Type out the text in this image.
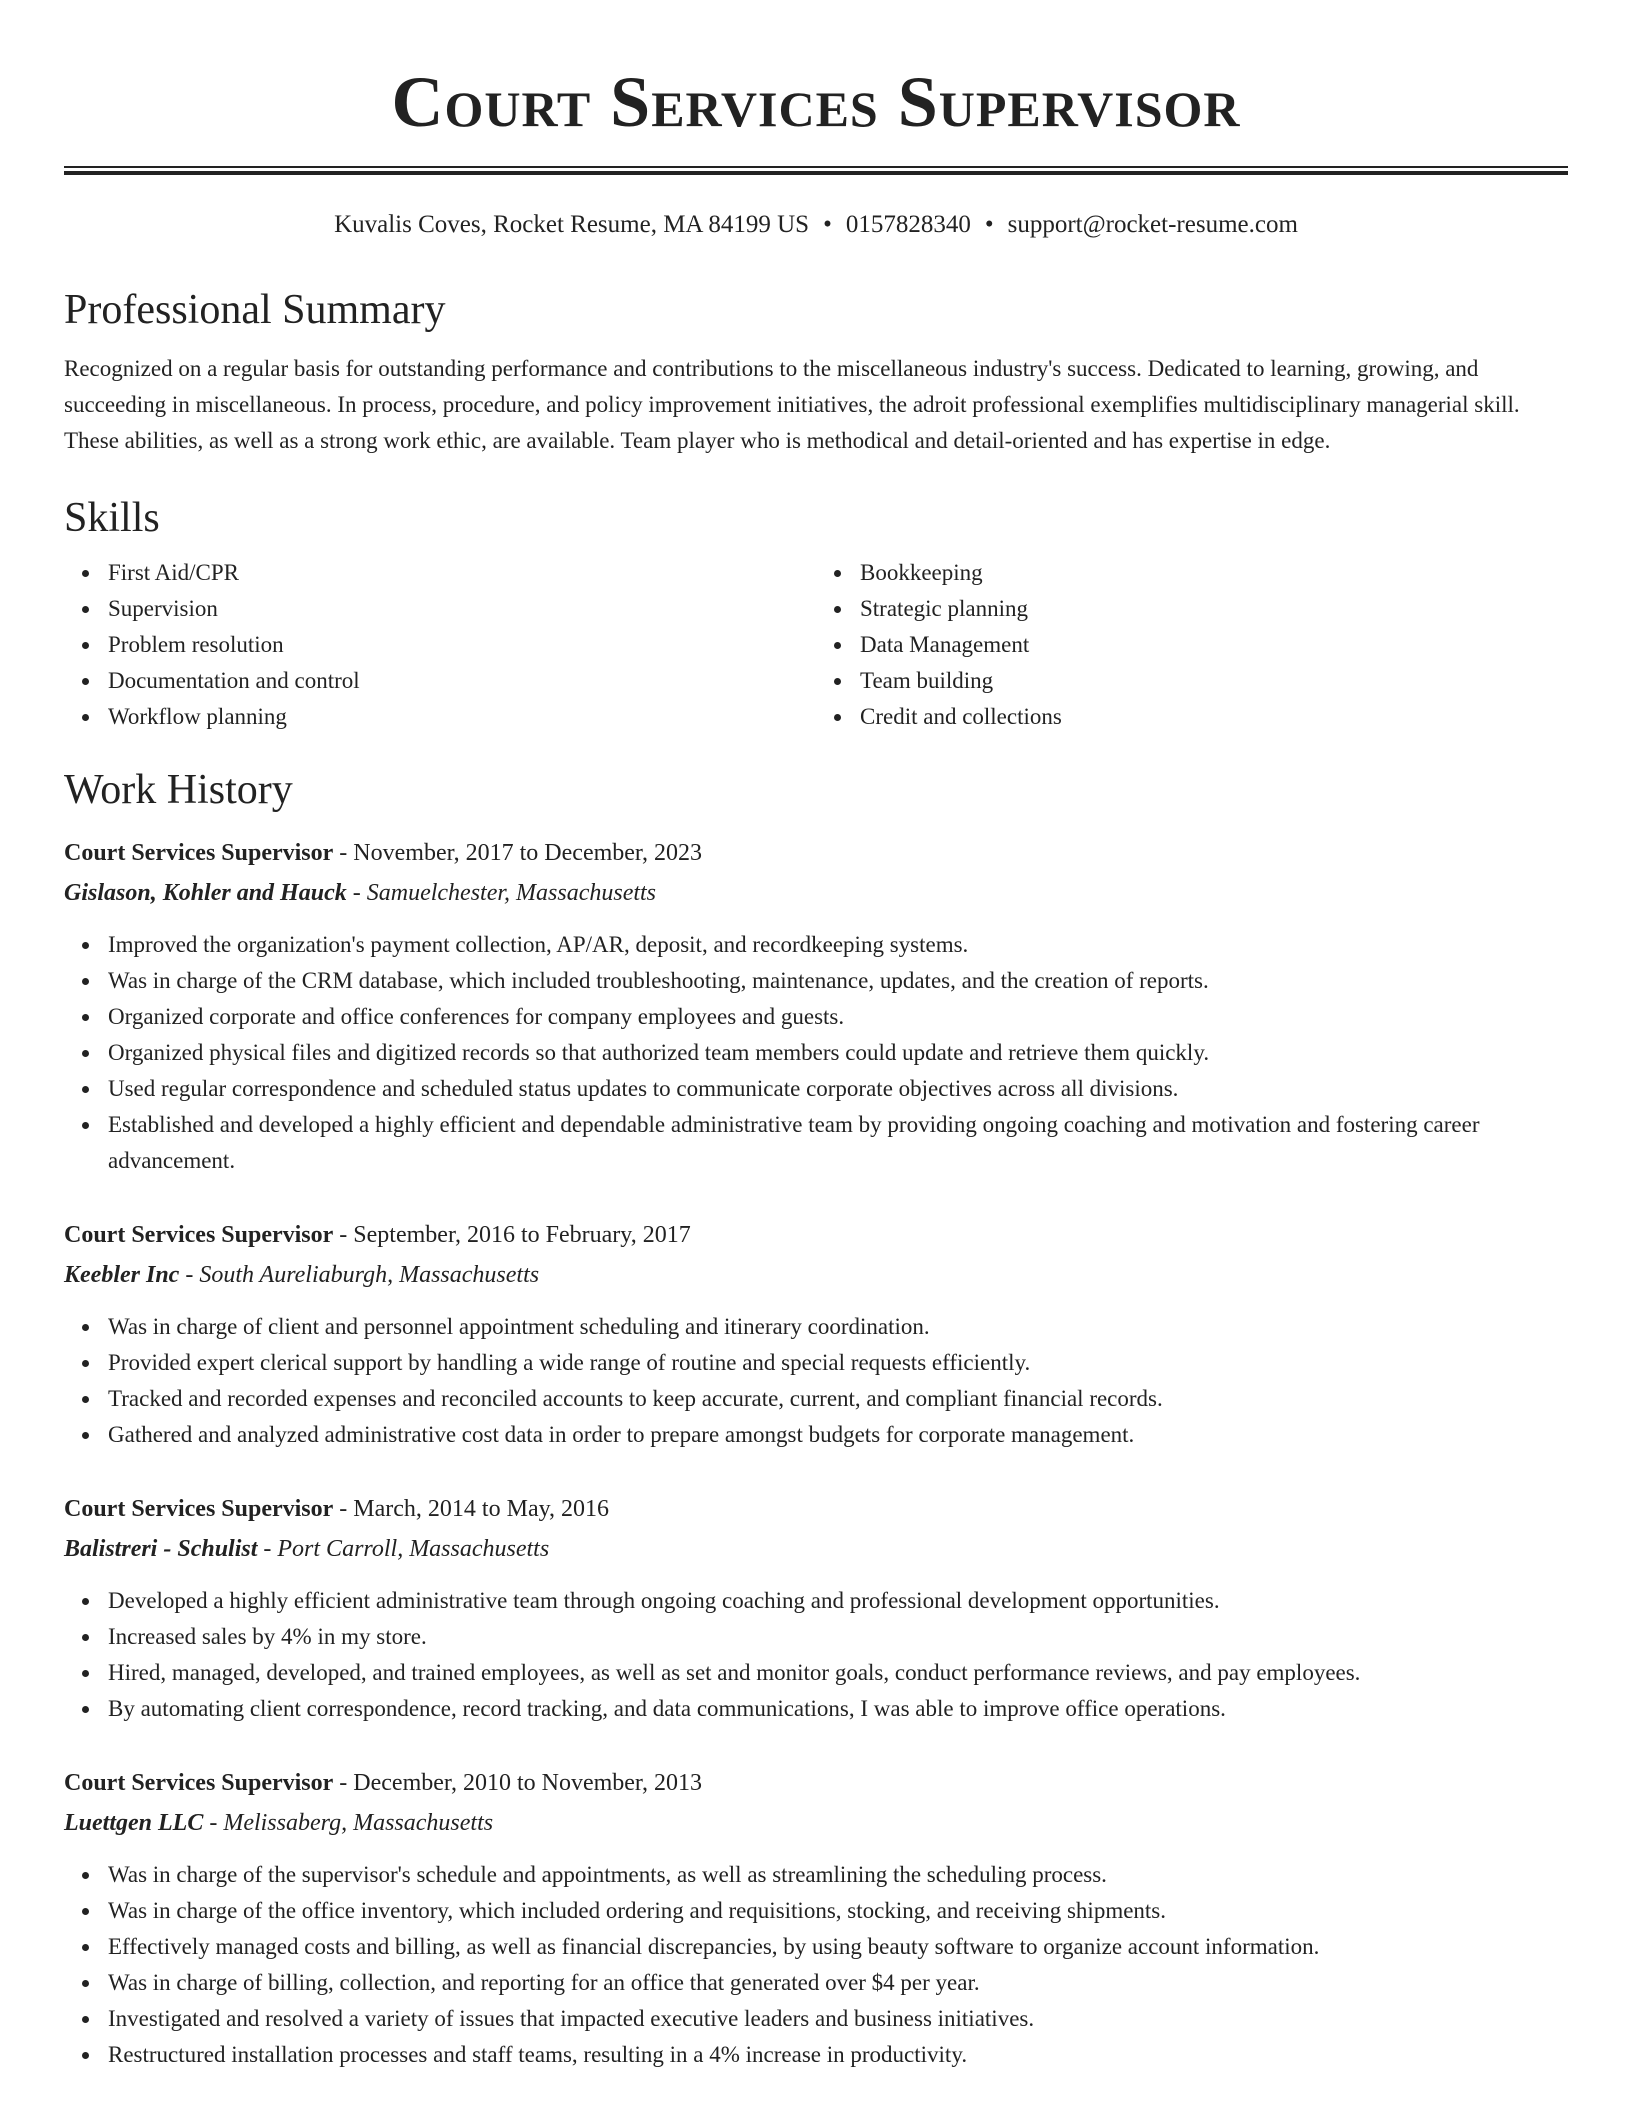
Court Services Supervisor
Kuvalis Coves, Rocket Resume, MA 84199 US • 0157828340 • support@rocket-resume.com
Professional Summary

Recognized on a regular basis for outstanding performance and contributions to the miscellaneous industry's success. Dedicated to learning, growing, and succeeding in miscellaneous. In process, procedure, and policy improvement initiatives, the adroit professional exemplifies multidisciplinary managerial skill. These abilities, as well as a strong work ethic, are available. Team player who is methodical and detail-oriented and has expertise in edge.

Skills
First Aid/CPR
Supervision
Problem resolution
Documentation and control
Workflow planning
Bookkeeping
Strategic planning
Data Management
Team building
Credit and collections
Work History
Court Services Supervisor - November, 2017 to December, 2023
Gislason, Kohler and Hauck - Samuelchester, Massachusetts
Improved the organization's payment collection, AP/AR, deposit, and recordkeeping systems.
Was in charge of the CRM database, which included troubleshooting, maintenance, updates, and the creation of reports.
Organized corporate and office conferences for company employees and guests.
Organized physical files and digitized records so that authorized team members could update and retrieve them quickly.
Used regular correspondence and scheduled status updates to communicate corporate objectives across all divisions.
Established and developed a highly efficient and dependable administrative team by providing ongoing coaching and motivation and fostering career advancement.
Court Services Supervisor - September, 2016 to February, 2017
Keebler Inc - South Aureliaburgh, Massachusetts
Was in charge of client and personnel appointment scheduling and itinerary coordination.
Provided expert clerical support by handling a wide range of routine and special requests efficiently.
Tracked and recorded expenses and reconciled accounts to keep accurate, current, and compliant financial records.
Gathered and analyzed administrative cost data in order to prepare amongst budgets for corporate management.
Court Services Supervisor - March, 2014 to May, 2016
Balistreri - Schulist - Port Carroll, Massachusetts
Developed a highly efficient administrative team through ongoing coaching and professional development opportunities.
Increased sales by 4% in my store.
Hired, managed, developed, and trained employees, as well as set and monitor goals, conduct performance reviews, and pay employees.
By automating client correspondence, record tracking, and data communications, I was able to improve office operations.
Court Services Supervisor - December, 2010 to November, 2013
Luettgen LLC - Melissaberg, Massachusetts
Was in charge of the supervisor's schedule and appointments, as well as streamlining the scheduling process.
Was in charge of the office inventory, which included ordering and requisitions, stocking, and receiving shipments.
Effectively managed costs and billing, as well as financial discrepancies, by using beauty software to organize account information.
Was in charge of billing, collection, and reporting for an office that generated over $4 per year.
Investigated and resolved a variety of issues that impacted executive leaders and business initiatives.
Restructured installation processes and staff teams, resulting in a 4% increase in productivity.
